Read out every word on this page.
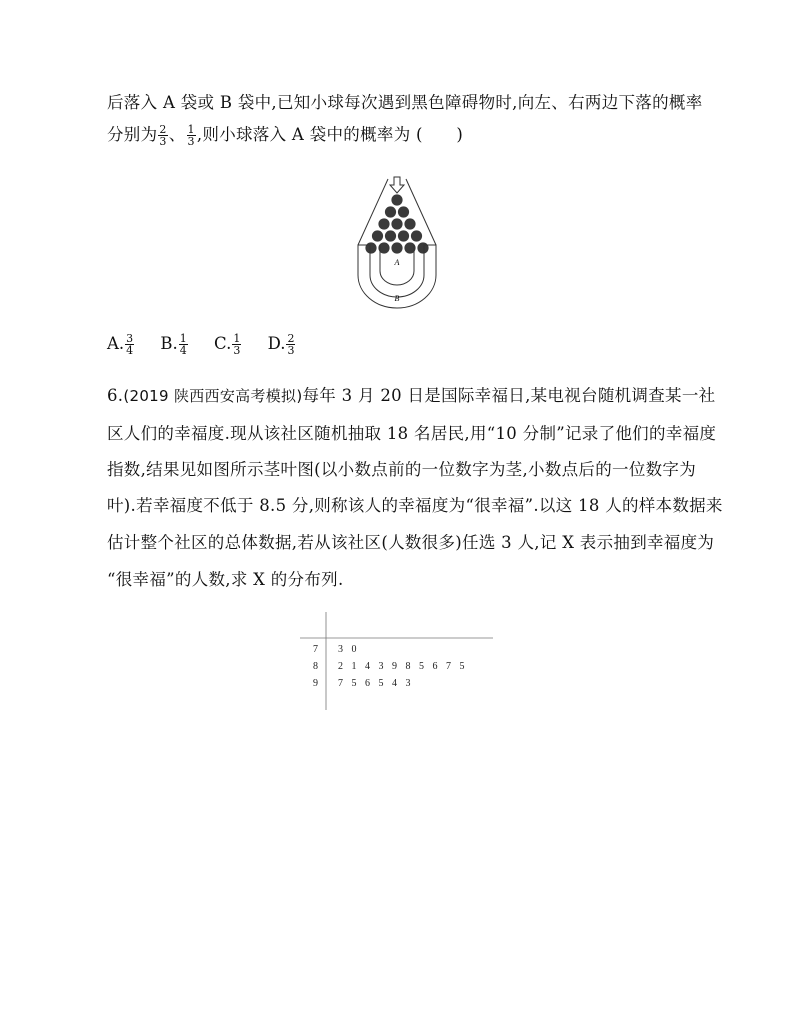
后落入 A 袋或 B 袋中,已知小球每次遇到黑色障碍物时,向左、右两边下落的概率
分别为 $\frac{2}{3}$ 、 $\frac{1}{3}$ ,则小球落入 A 袋中的概率为 (　　)
A
B
A. $\frac{3}{4} B$. $\frac{1}{4} C$. $\frac{1}{3} D$. $\frac{2}{3}$
6.(2019 陕西西安高考模拟)每年 3 月 20 日是国际幸福日,某电视台随机调查某一社
区人们的幸福度.现从该社区随机抽取 18 名居民,用“10 分制”记录了他们的幸福度
指数,结果见如图所示茎叶图(以小数点前的一位数字为茎,小数点后的一位数字为
叶).若幸福度不低于 8.5 分,则称该人的幸福度为“很幸福”.以这 18 人的样本数据来
估计整个社区的总体数据,若从该社区(人数很多)任选 3 人,记 X 表示抽到幸福度为
“很幸福”的人数,求 X 的分布列.
7 3 0
8 2 1 4 3 9 8 5 6 7 5
9 7 5 6 5 4 3
